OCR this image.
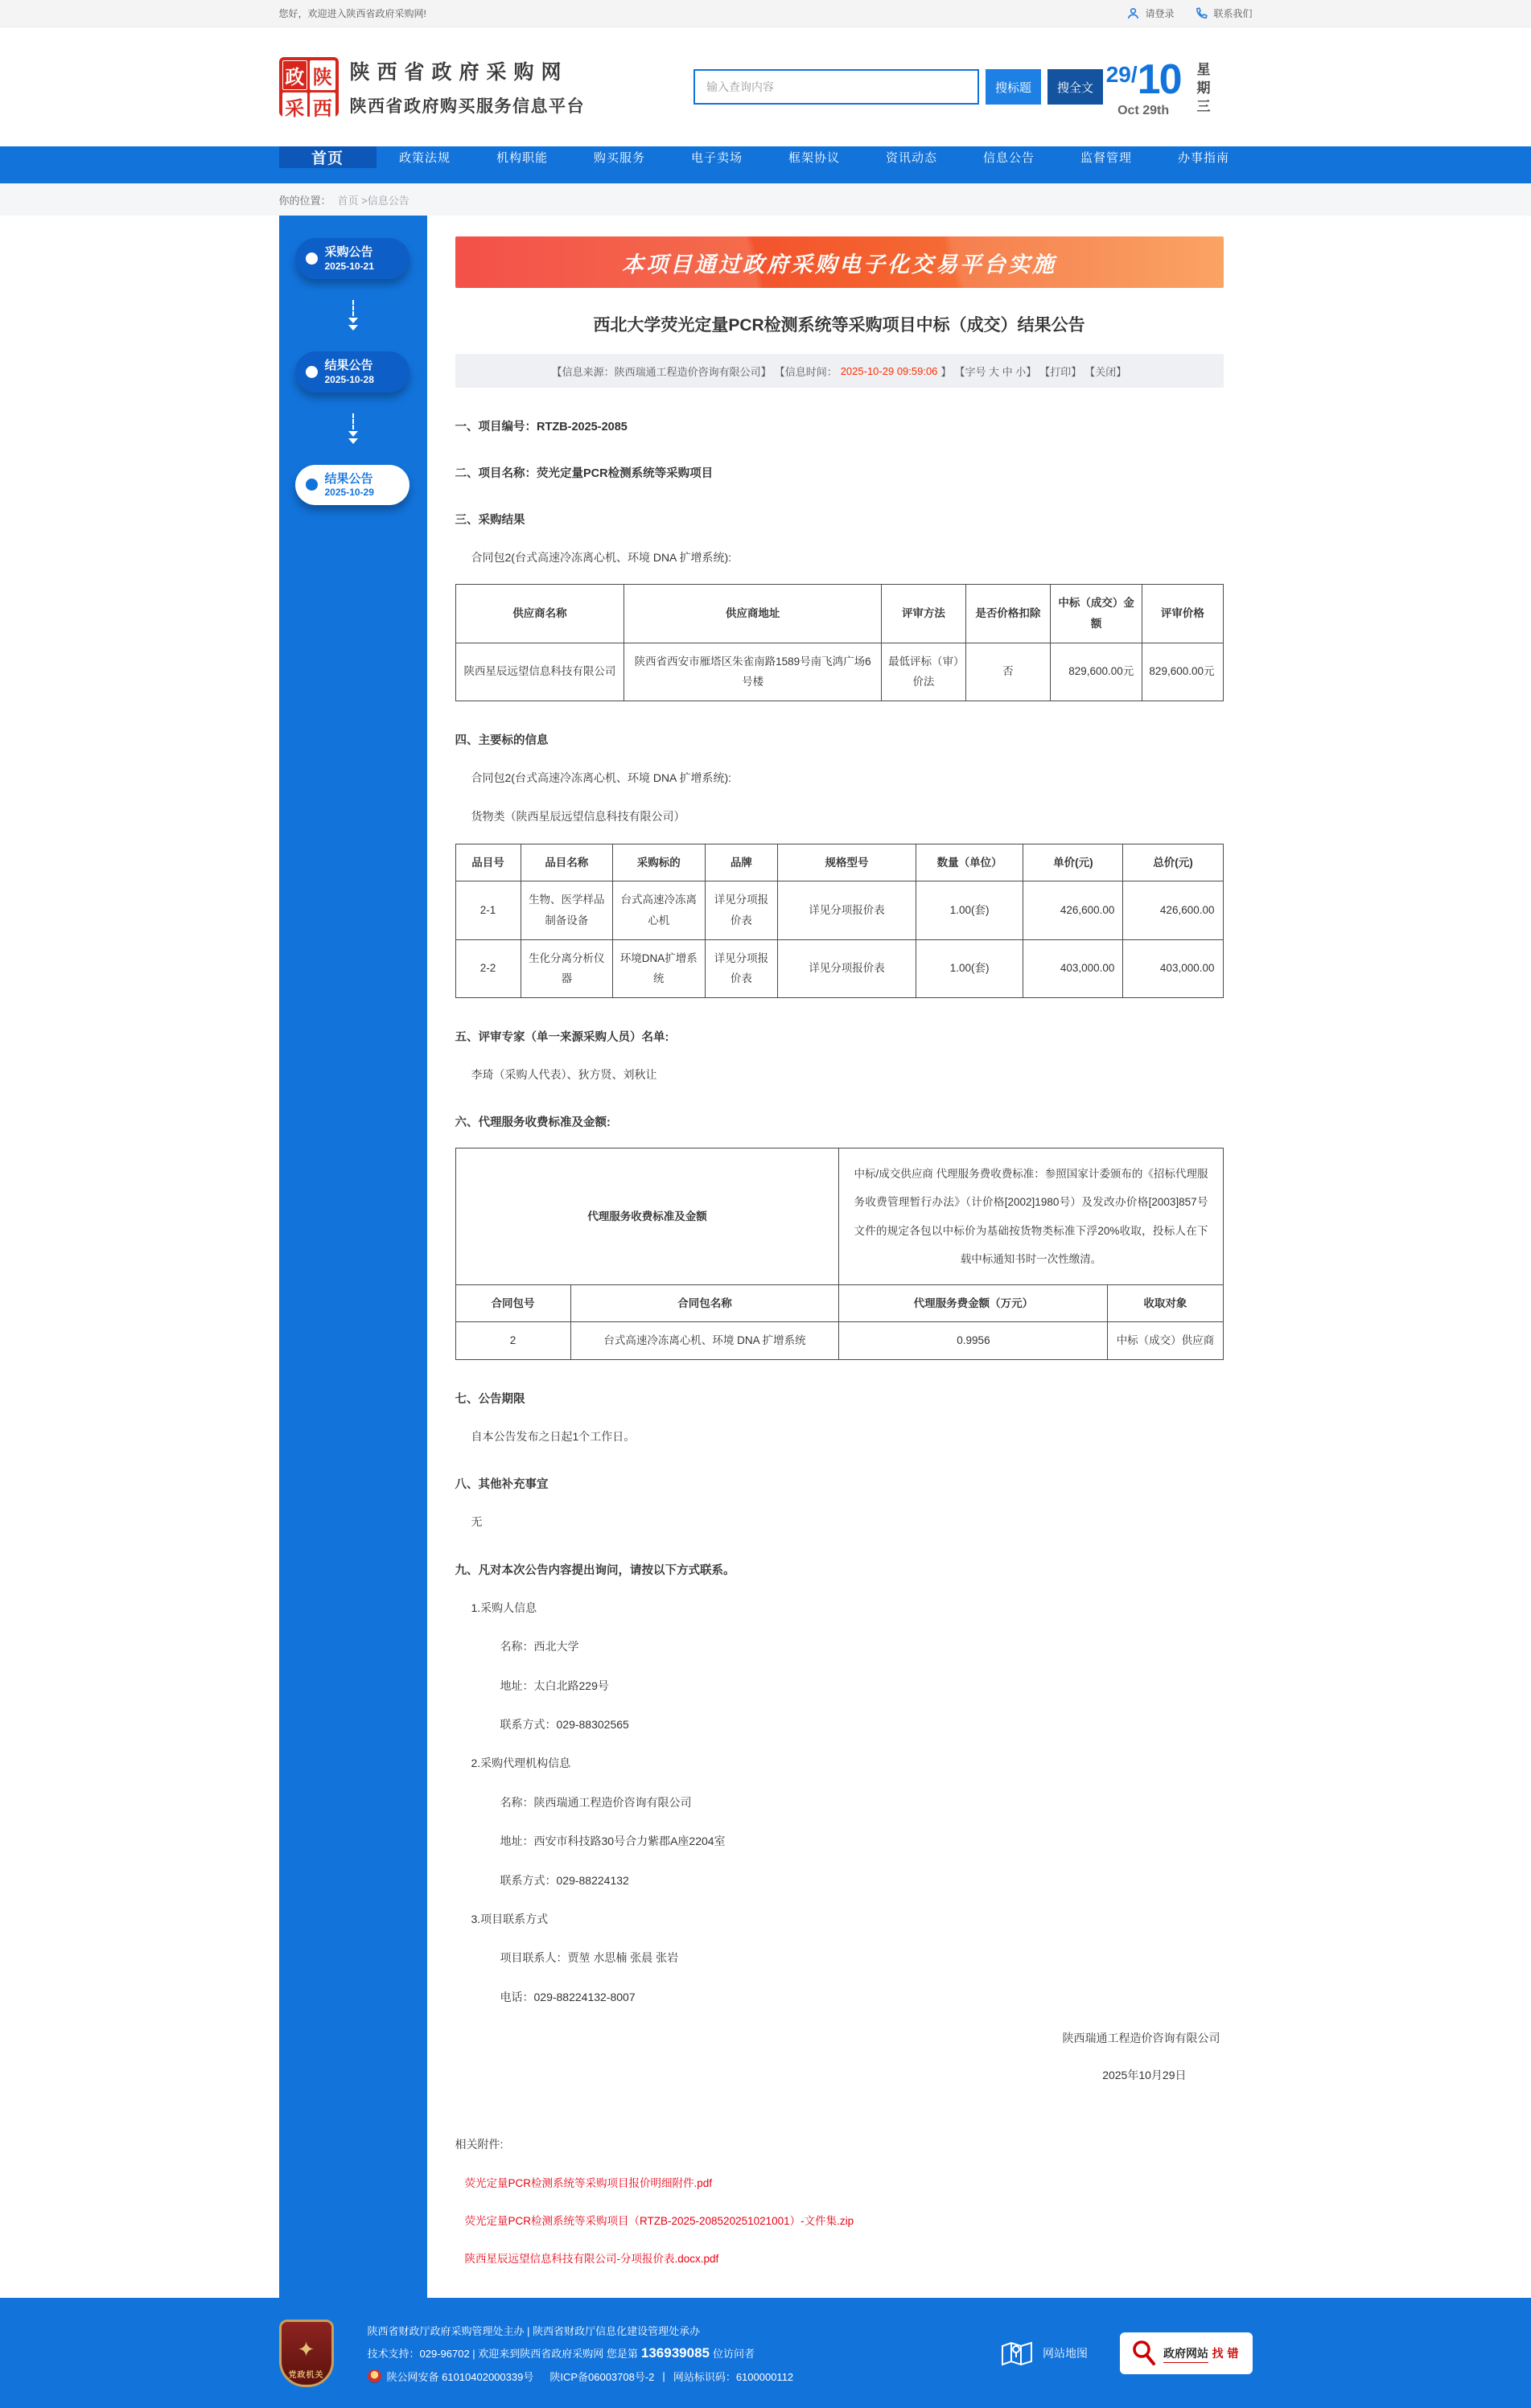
您好，欢迎进入陕西省政府采购网!	请登录	联系我们
政 陕
采 西
陕西省政府采购网
陕西省政府购买服务信息平台
输入查询内容
搜标题	搜全文
29/10
Oct 29th	星期三
首页	政策法规	机构职能	购买服务	电子卖场	框架协议	资讯动态	信息公告	监督管理	办事指南
你的位置： 首页 >信息公告
采购公告
2025-10-21
结果公告
2025-10-28
结果公告
2025-10-29
本项目通过政府采购电子化交易平台实施
西北大学荧光定量PCR检测系统等采购项目中标（成交）结果公告
【信息来源：陕西瑞通工程造价咨询有限公司】 【信息时间： 2025-10-29 09:59:06 】 【字号 大 中 小】 【打印】 【关闭】
一、项目编号：RTZB-2025-2085
二、项目名称：荧光定量PCR检测系统等采购项目
三、采购结果
合同包2(台式高速冷冻离心机、环境 DNA 扩增系统):
供应商名称	供应商地址	评审方法	是否价格扣除	中标（成交）金额	评审价格
陕西星辰远望信息科技有限公司	陕西省西安市雁塔区朱雀南路1589号南飞鸿广场6号楼	最低评标（审）价法	否	829,600.00元	829,600.00元
四、主要标的信息
合同包2(台式高速冷冻离心机、环境 DNA 扩增系统):
货物类（陕西星辰远望信息科技有限公司）
品目号	品目名称	采购标的	品牌	规格型号	数量（单位）	单价(元)	总价(元)
2-1	生物、医学样品制备设备	台式高速冷冻离心机	详见分项报价表	详见分项报价表	1.00(套)	426,600.00	426,600.00
2-2	生化分离分析仪器	环境DNA扩增系统	详见分项报价表	详见分项报价表	1.00(套)	403,000.00	403,000.00
五、评审专家（单一来源采购人员）名单:
李琦（采购人代表）、狄方贤、刘秋让
六、代理服务收费标准及金额:
代理服务收费标准及金额		中标/成交供应商 代理服务费收费标准：参照国家计委颁布的《招标代理服务收费管理暂行办法》（计价格[2002]1980号）及发改办价格[2003]857号文件的规定各包以中标价为基础按货物类标准下浮20%收取，投标人在下载中标通知书时一次性缴清。	
合同包号	合同包名称	代理服务费金额（万元）	收取对象
2	台式高速冷冻离心机、环境 DNA 扩增系统	0.9956	中标（成交）供应商
七、公告期限
自本公告发布之日起1个工作日。
八、其他补充事宜
无
九、凡对本次公告内容提出询问，请按以下方式联系。
1.采购人信息
名称：西北大学
地址：太白北路229号
联系方式：029-88302565
2.采购代理机构信息
名称：陕西瑞通工程造价咨询有限公司
地址：西安市科技路30号合力紫郡A座2204室
联系方式：029-88224132
3.项目联系方式
项目联系人：贾堃 水思楠 张晨 张岩
电话：029-88224132-8007
陕西瑞通工程造价咨询有限公司
2025年10月29日
相关附件:
荧光定量PCR检测系统等采购项目报价明细附件.pdf
荧光定量PCR检测系统等采购项目（RTZB-2025-208520251021001）-文件集.zip
陕西星辰远望信息科技有限公司-分项报价表.docx.pdf
✦
党政机关
陕西省财政厅政府采购管理处主办 | 陕西省财政厅信息化建设管理处承办
技术支持：029-96702 | 欢迎来到陕西省政府采购网 您是第 136939085 位访问者
陕公网安备 61010402000339号 陕ICP备06003708号-2 | 网站标识码：6100000112
网站地图	政府网站 找错
